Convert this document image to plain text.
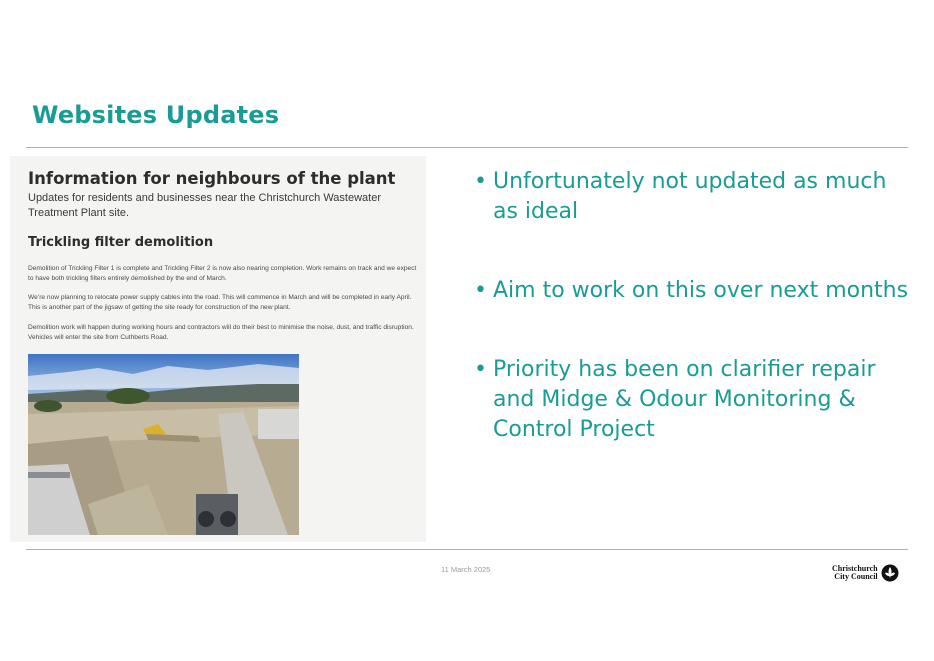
Websites Updates
Information for neighbours of the plant
Updates for residents and businesses near the Christchurch Wastewater Treatment Plant site.
Trickling filter demolition
Demolition of Trickling Filter 1 is complete and Trickling Filter 2 is now also nearing completion. Work remains on track and we expect to have both trickling filters entirely demolished by the end of March.
We’re now planning to relocate power supply cables into the road. This will commence in March and will be completed in early April. This is another part of the jigsaw of getting the site ready for construction of the new plant.
Demolition work will happen during working hours and contractors will do their best to minimise the noise, dust, and traffic disruption. Vehicles will enter the site from Cuthberts Road.
• Unfortunately not updated as much as ideal
• Aim to work on this over next months
• Priority has been on clarifier repair and Midge & Odour Monitoring & Control Project
11 March 2025	Christchurch
City Council
